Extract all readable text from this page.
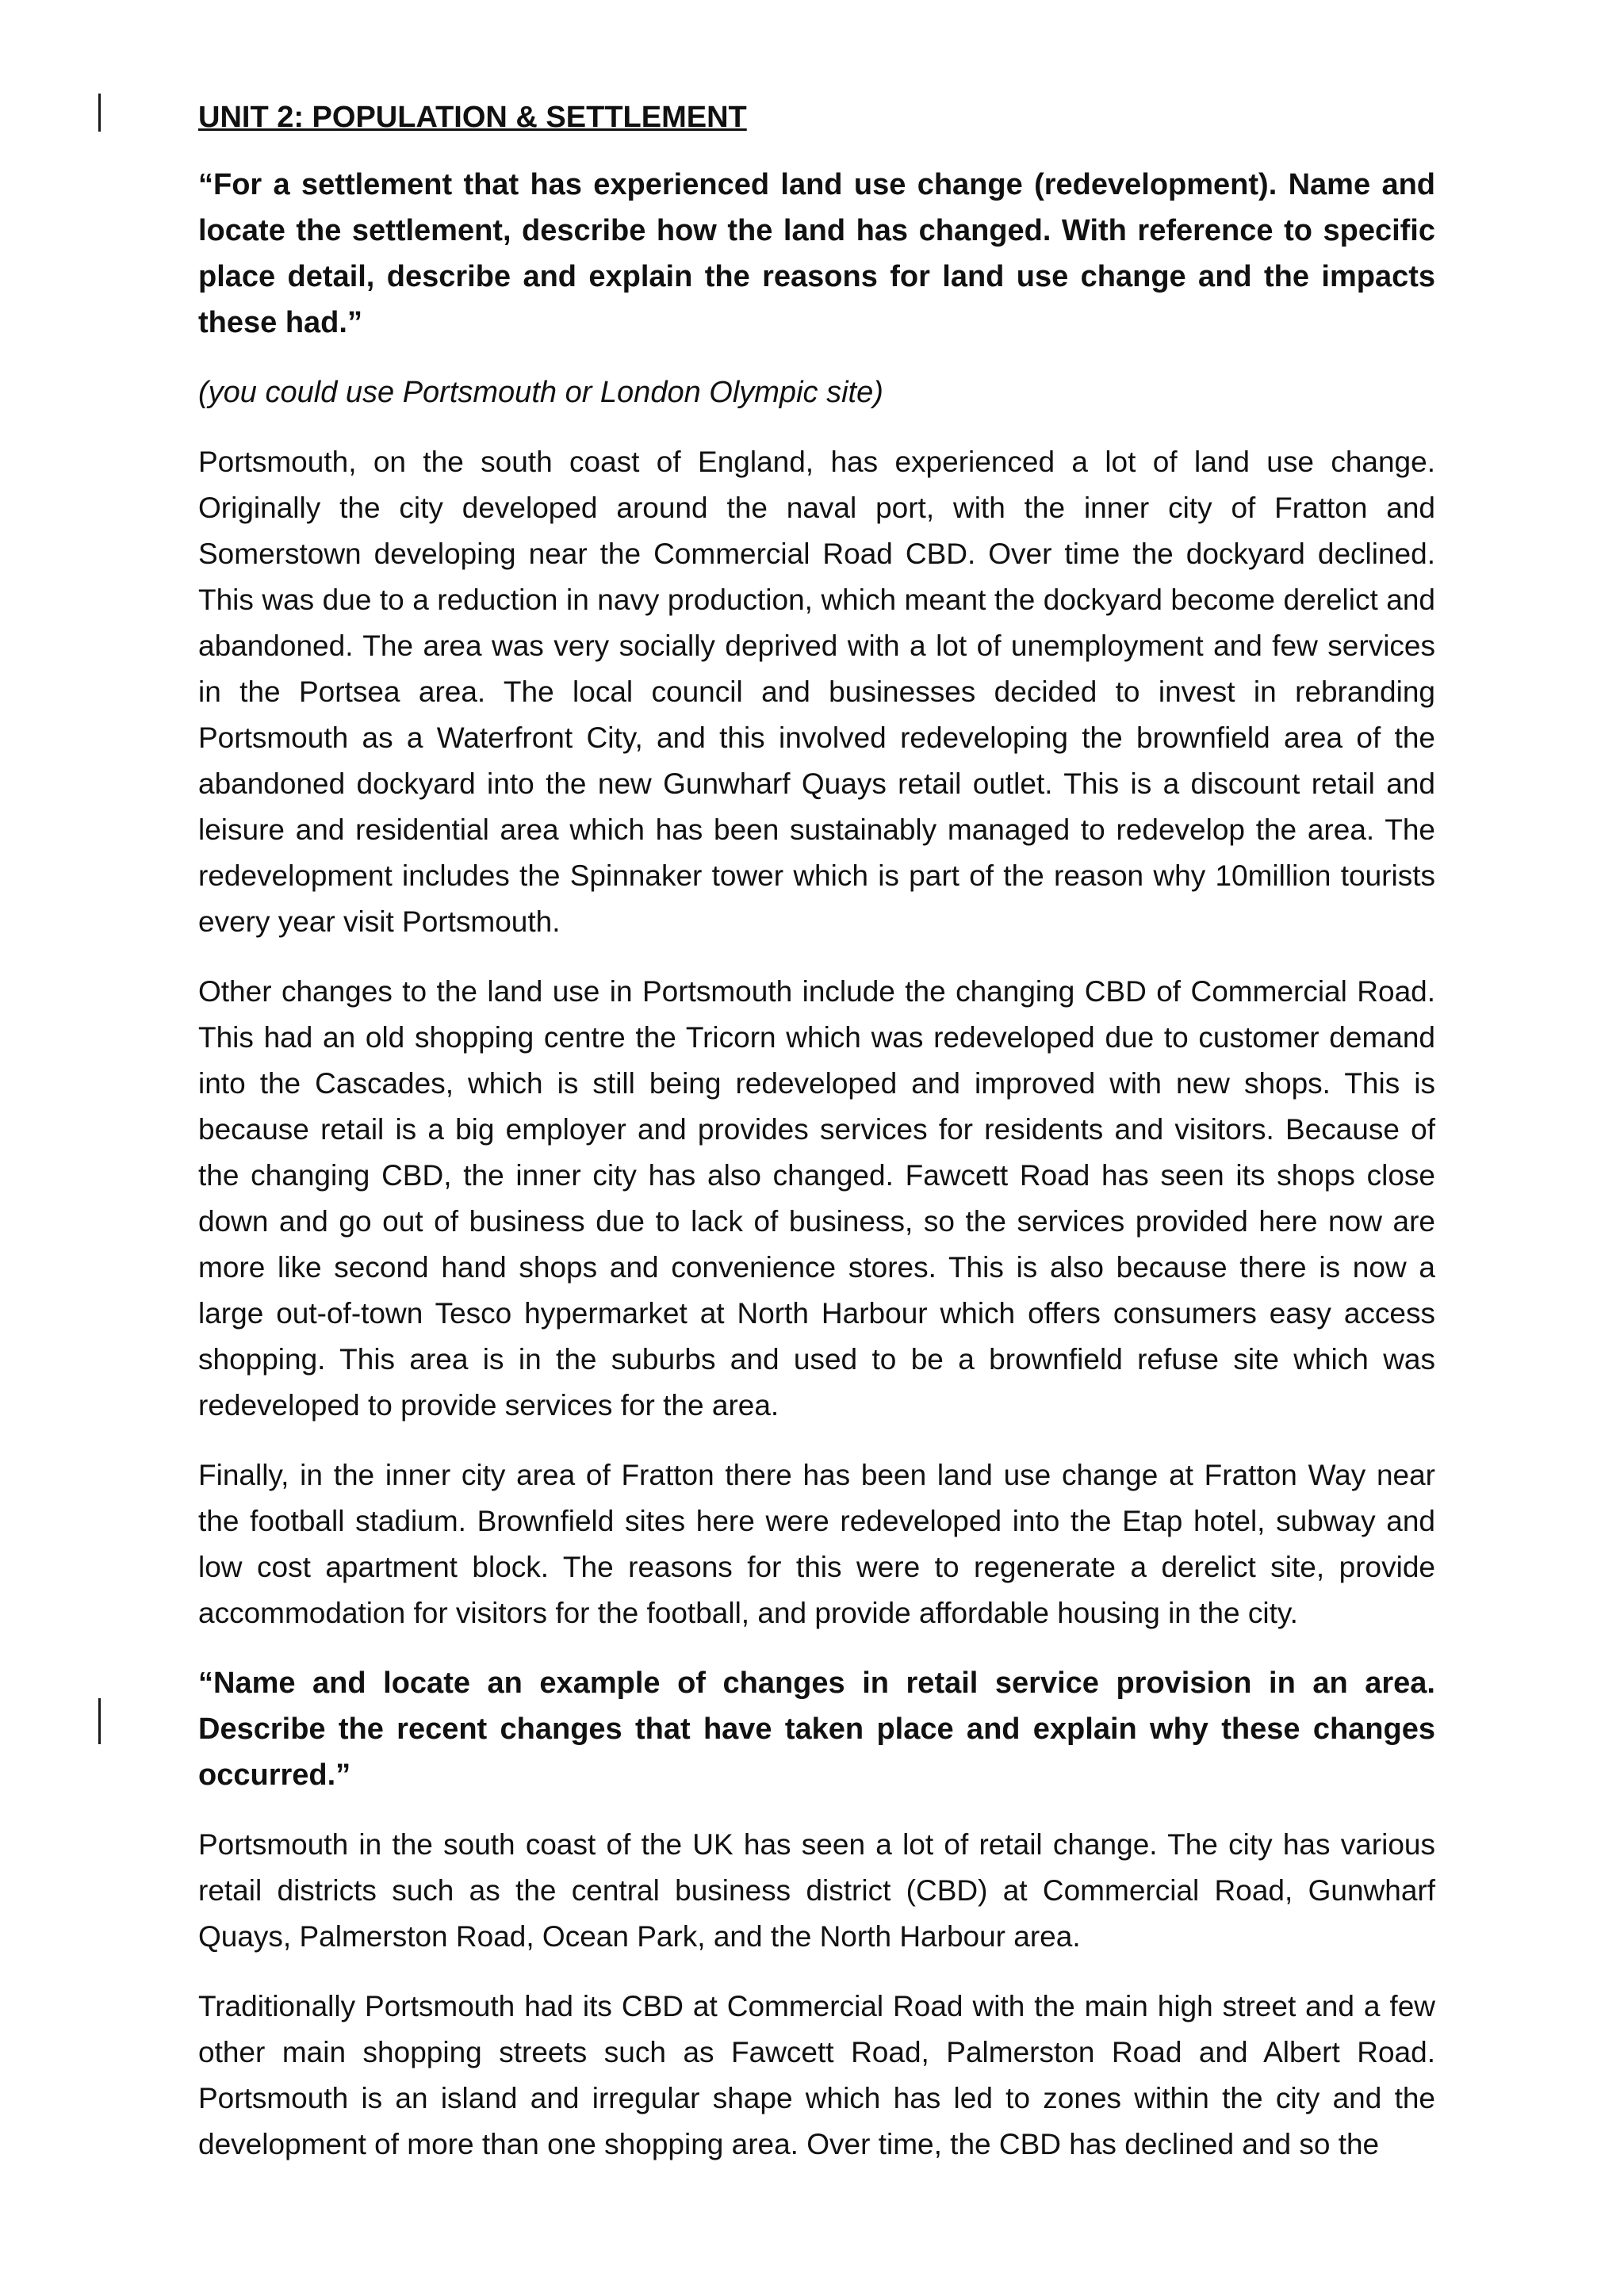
UNIT 2: POPULATION & SETTLEMENT
“For a settlement that has experienced land use change (redevelopment). Name and locate the settlement, describe how the land has changed. With reference to specific place detail, describe and explain the reasons for land use change and the impacts these had.”
(you could use Portsmouth or London Olympic site)
Portsmouth, on the south coast of England, has experienced a lot of land use change. Originally the city developed around the naval port, with the inner city of Fratton and Somerstown developing near the Commercial Road CBD. Over time the dockyard declined. This was due to a reduction in navy production, which meant the dockyard become derelict and abandoned. The area was very socially deprived with a lot of unemployment and few services in the Portsea area. The local council and businesses decided to invest in rebranding Portsmouth as a Waterfront City, and this involved redeveloping the brownfield area of the abandoned dockyard into the new Gunwharf Quays retail outlet. This is a discount retail and leisure and residential area which has been sustainably managed to redevelop the area. The redevelopment includes the Spinnaker tower which is part of the reason why 10million tourists every year visit Portsmouth.
Other changes to the land use in Portsmouth include the changing CBD of Commercial Road. This had an old shopping centre the Tricorn which was redeveloped due to customer demand into the Cascades, which is still being redeveloped and improved with new shops. This is because retail is a big employer and provides services for residents and visitors. Because of the changing CBD, the inner city has also changed. Fawcett Road has seen its shops close down and go out of business due to lack of business, so the services provided here now are more like second hand shops and convenience stores. This is also because there is now a large out-of-town Tesco hypermarket at North Harbour which offers consumers easy access shopping. This area is in the suburbs and used to be a brownfield refuse site which was redeveloped to provide services for the area.
Finally, in the inner city area of Fratton there has been land use change at Fratton Way near the football stadium. Brownfield sites here were redeveloped into the Etap hotel, subway and low cost apartment block. The reasons for this were to regenerate a derelict site, provide accommodation for visitors for the football, and provide affordable housing in the city.
“Name and locate an example of changes in retail service provision in an area. Describe the recent changes that have taken place and explain why these changes occurred.”
Portsmouth in the south coast of the UK has seen a lot of retail change. The city has various retail districts such as the central business district (CBD) at Commercial Road, Gunwharf Quays, Palmerston Road, Ocean Park, and the North Harbour area.
Traditionally Portsmouth had its CBD at Commercial Road with the main high street and a few other main shopping streets such as Fawcett Road, Palmerston Road and Albert Road. Portsmouth is an island and irregular shape which has led to zones within the city and the development of more than one shopping area. Over time, the CBD has declined and so the
